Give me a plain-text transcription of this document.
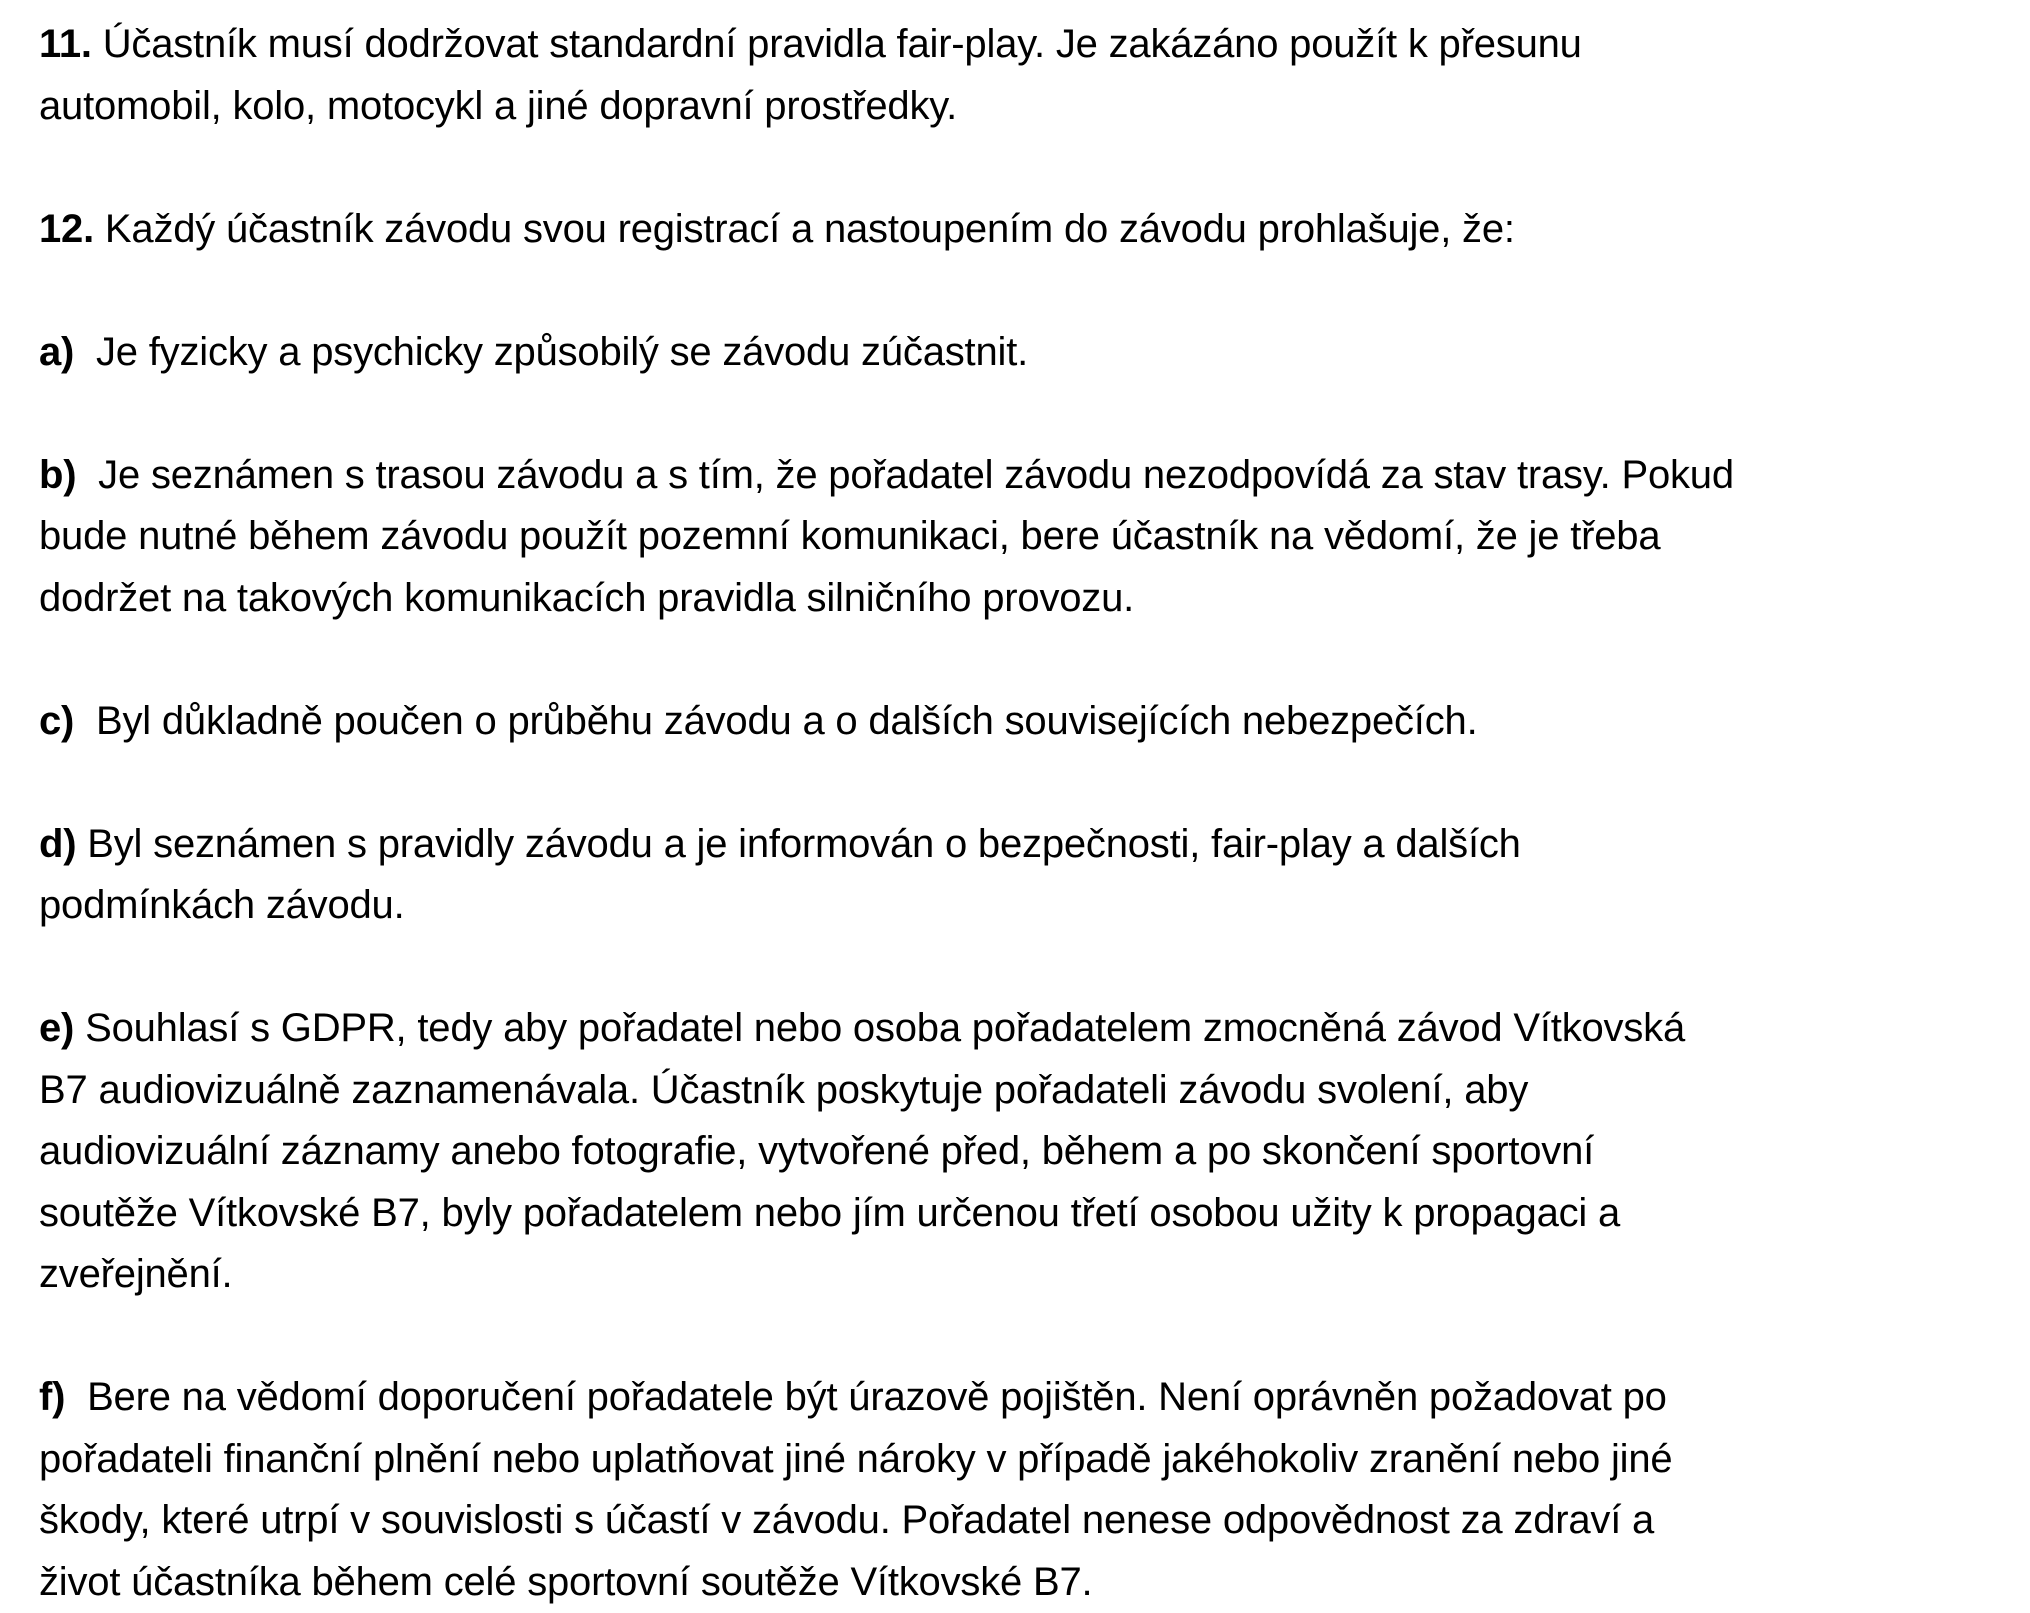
11. Účastník musí dodržovat standardní pravidla fair-play. Je zakázáno použít k přesunu
automobil, kolo, motocykl a jiné dopravní prostředky.
12. Každý účastník závodu svou registrací a nastoupením do závodu prohlašuje, že:
a)  Je fyzicky a psychicky způsobilý se závodu zúčastnit.
b)  Je seznámen s trasou závodu a s tím, že pořadatel závodu nezodpovídá za stav trasy. Pokud
bude nutné během závodu použít pozemní komunikaci, bere účastník na vědomí, že je třeba
dodržet na takových komunikacích pravidla silničního provozu.
c)  Byl důkladně poučen o průběhu závodu a o dalších souvisejících nebezpečích.
d) Byl seznámen s pravidly závodu a je informován o bezpečnosti, fair-play a dalších
podmínkách závodu.
e) Souhlasí s GDPR, tedy aby pořadatel nebo osoba pořadatelem zmocněná závod Vítkovská
B7 audiovizuálně zaznamenávala. Účastník poskytuje pořadateli závodu svolení, aby
audiovizuální záznamy anebo fotografie, vytvořené před, během a po skončení sportovní
soutěže Vítkovské B7, byly pořadatelem nebo jím určenou třetí osobou užity k propagaci a
zveřejnění.
f)  Bere na vědomí doporučení pořadatele být úrazově pojištěn. Není oprávněn požadovat po
pořadateli finanční plnění nebo uplatňovat jiné nároky v případě jakéhokoliv zranění nebo jiné
škody, které utrpí v souvislosti s účastí v závodu. Pořadatel nenese odpovědnost za zdraví a
život účastníka během celé sportovní soutěže Vítkovské B7.
